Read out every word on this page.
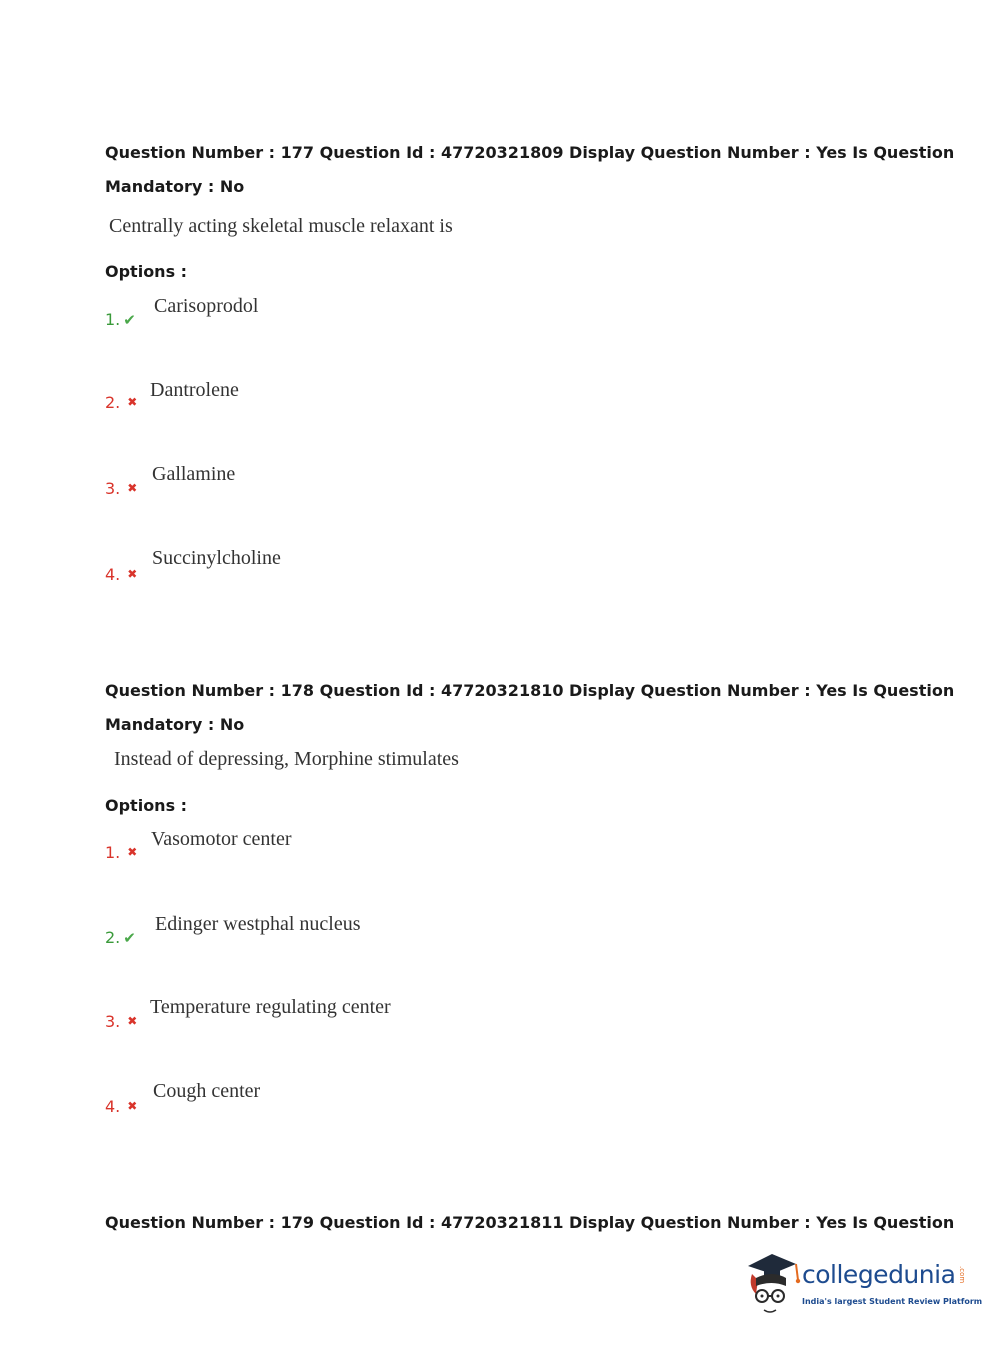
Question Number : 177 Question Id : 47720321809 Display Question Number : Yes Is Question
Mandatory : No
Centrally acting skeletal muscle relaxant is
Options :
1. ✔
Carisoprodol
2. ✖
Dantrolene
3. ✖
Gallamine
4. ✖
Succinylcholine
Question Number : 178 Question Id : 47720321810 Display Question Number : Yes Is Question
Mandatory : No
Instead of depressing, Morphine stimulates
Options :
1. ✖
Vasomotor center
2. ✔
Edinger westphal nucleus
3. ✖
Temperature regulating center
4. ✖
Cough center
Question Number : 179 Question Id : 47720321811 Display Question Number : Yes Is Question
collegedunia .com
India's largest Student Review Platform
